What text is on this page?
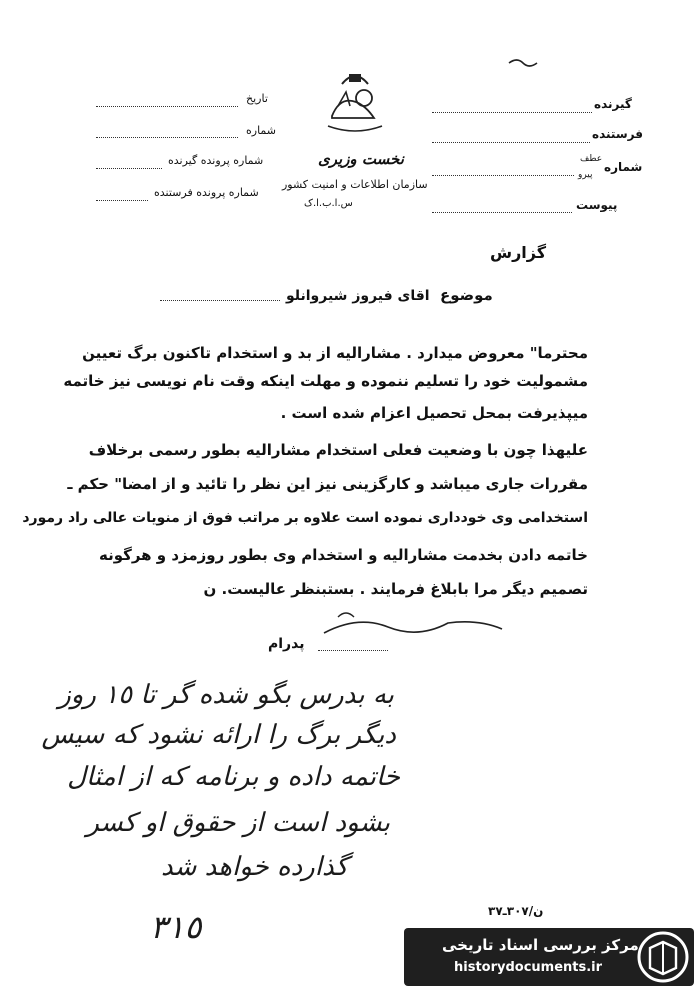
گیرنده
فرستنده
شماره
عطف
پیرو
پیوست
نخست وزیری
سازمان اطلاعات و امنیت کشور
س.ا.ب.ا.ک
تاریخ
شماره
شماره پرونده گیرنده
شماره پرونده فرستنده
گزارش
موضوع
اقای فیروز شیروانلو
محترما" معروض میدارد . مشارالیه از بد و استخدام تاکنون برگ تعیین
مشمولیت خود را تسلیم ننموده و مهلت اینکه وقت نام نویسی نیز خاتمه
میپذیرفت بمحل تحصیل اعزام شده است .
علیهذا چون با وضعیت فعلی استخدام مشارالیه بطور رسمی برخلاف
مقررات جاری میباشد و کارگزینی نیز این نظر را تائید و از امضا" حکم ـ
استخدامی وی خودداری نموده است علاوه بر مراتب فوق از منویات عالی راد رمورد
خاتمه دادن بخدمت مشارالیه و استخدام وی بطور روزمزد و هرگونه
تصمیم دیگر مرا بابلاغ فرمایند . بستبنظر عالیست. ن
پدرام
به بدرس بگو شده گر تا ١٥ روز
دیگر برگ را ارائه نشود که سیس
خاتمه داده و برنامه که از امثال
بشود است از حقوق او کسر
گذارده خواهد شد
٣١٥	ن/٣٠٧ـ٣٧
مرکز بررسی اسناد تاریخی
historydocuments.ir
